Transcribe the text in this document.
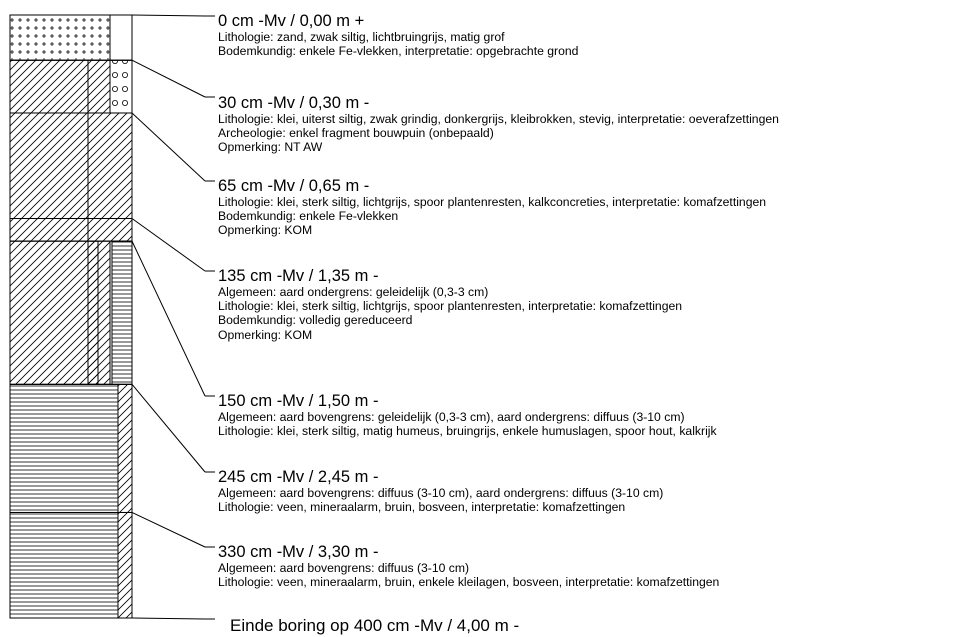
0 cm -Mv / 0,00 m +
Lithologie: zand, zwak siltig, lichtbruingrijs, matig grof
Bodemkundig: enkele Fe-vlekken, interpretatie: opgebrachte grond
30 cm -Mv / 0,30 m -
Lithologie: klei, uiterst siltig, zwak grindig, donkergrijs, kleibrokken, stevig, interpretatie: oeverafzettingen
Archeologie: enkel fragment bouwpuin (onbepaald)
Opmerking: NT AW
65 cm -Mv / 0,65 m -
Lithologie: klei, sterk siltig, lichtgrijs, spoor plantenresten, kalkconcreties, interpretatie: komafzettingen
Bodemkundig: enkele Fe-vlekken
Opmerking: KOM
135 cm -Mv / 1,35 m -
Algemeen: aard ondergrens: geleidelijk (0,3-3 cm)
Lithologie: klei, sterk siltig, lichtgrijs, spoor plantenresten, interpretatie: komafzettingen
Bodemkundig: volledig gereduceerd
Opmerking: KOM
150 cm -Mv / 1,50 m -
Algemeen: aard bovengrens: geleidelijk (0,3-3 cm), aard ondergrens: diffuus (3-10 cm)
Lithologie: klei, sterk siltig, matig humeus, bruingrijs, enkele humuslagen, spoor hout, kalkrijk
245 cm -Mv / 2,45 m -
Algemeen: aard bovengrens: diffuus (3-10 cm), aard ondergrens: diffuus (3-10 cm)
Lithologie: veen, mineraalarm, bruin, bosveen, interpretatie: komafzettingen
330 cm -Mv / 3,30 m -
Algemeen: aard bovengrens: diffuus (3-10 cm)
Lithologie: veen, mineraalarm, bruin, enkele kleilagen, bosveen, interpretatie: komafzettingen
Einde boring op 400 cm -Mv / 4,00 m -
